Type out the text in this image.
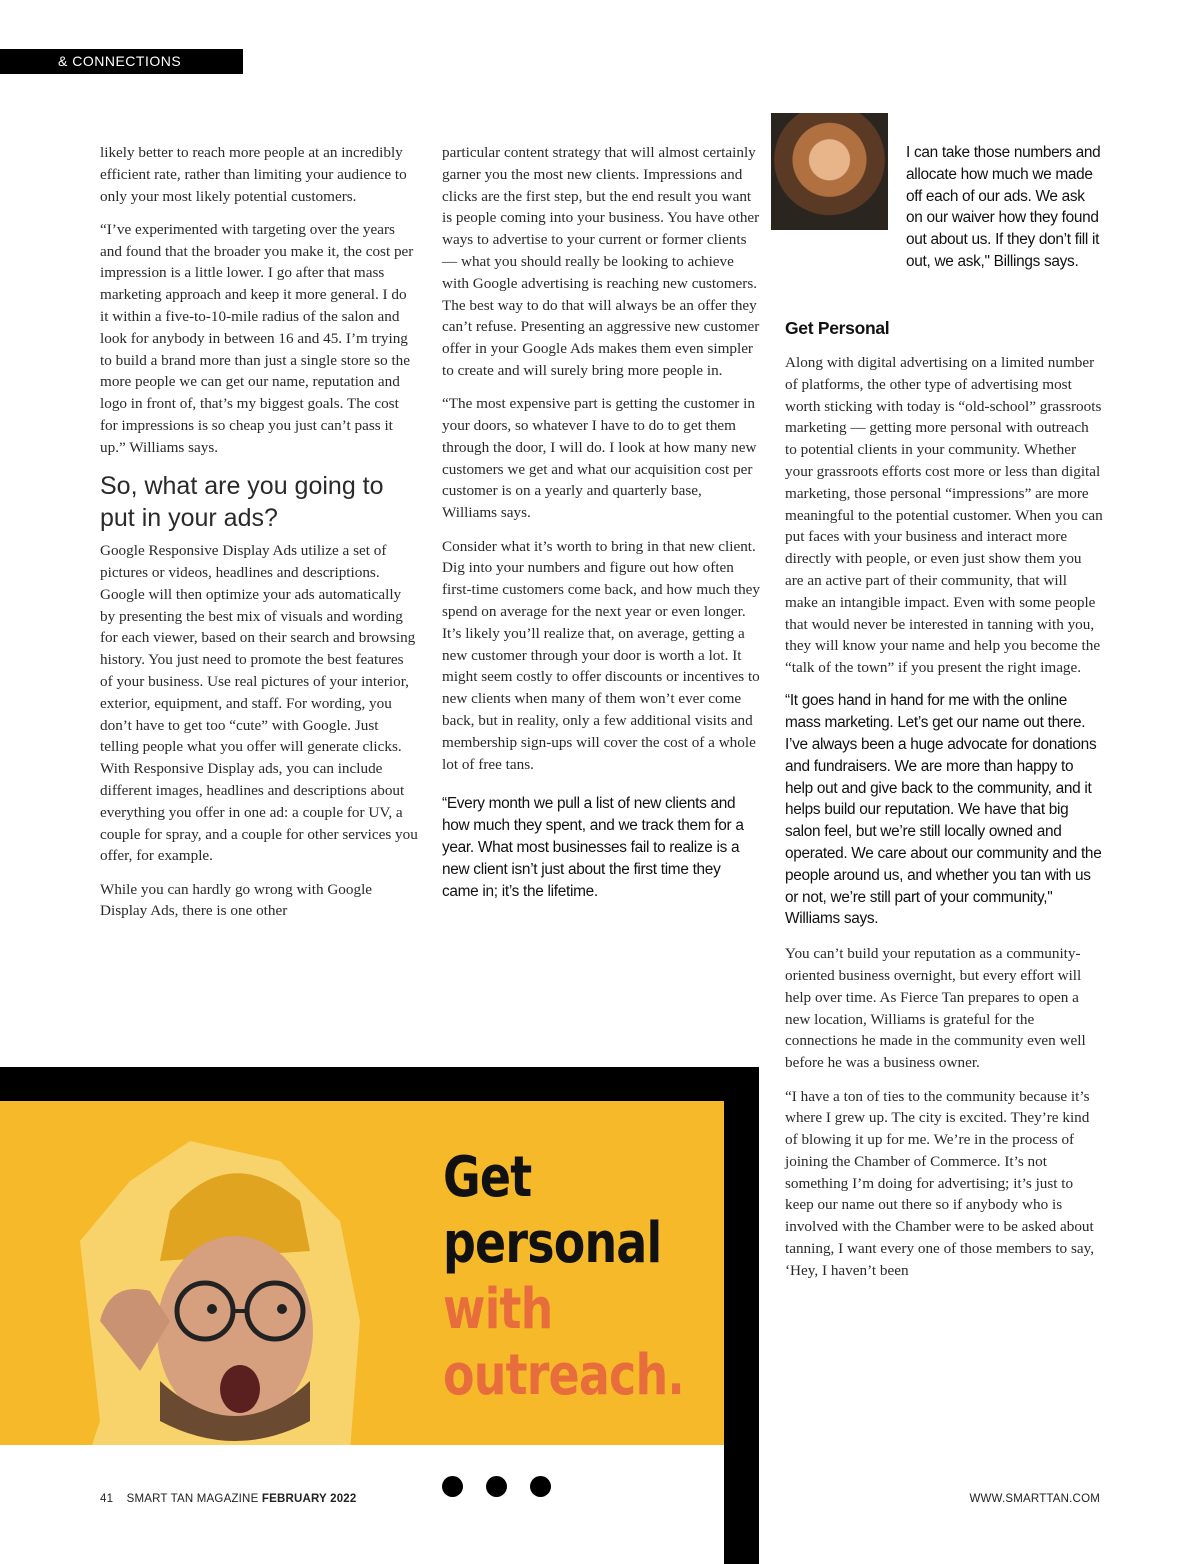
& CONNECTIONS

likely better to reach more people at an incredibly efficient rate, rather than limiting your audience to only your most likely potential customers.

“I’ve experimented with targeting over the years and found that the broader you make it, the cost per impression is a little lower. I go after that mass marketing approach and keep it more general. I do it within a five-to-10-mile radius of the salon and look for anybody in between 16 and 45. I’m trying to build a brand more than just a single store so the more people we can get our name, reputation and logo in front of, that’s my biggest goals. The cost for impressions is so cheap you just can’t pass it up.” Williams says.

So, what are you going to put in your ads?

Google Responsive Display Ads utilize a set of pictures or videos, headlines and descriptions. Google will then optimize your ads automatically by presenting the best mix of visuals and wording for each viewer, based on their search and browsing history. You just need to promote the best features of your business. Use real pictures of your interior, exterior, equipment, and staff. For wording, you don’t have to get too “cute” with Google. Just telling people what you offer will generate clicks. With Responsive Display ads, you can include different images, headlines and descriptions about everything you offer in one ad: a couple for UV, a couple for spray, and a couple for other services you offer, for example.

While you can hardly go wrong with Google Display Ads, there is one other

particular content strategy that will almost certainly garner you the most new clients. Impressions and clicks are the first step, but the end result you want is people coming into your business. You have other ways to advertise to your current or former clients — what you should really be looking to achieve with Google advertising is reaching new customers. The best way to do that will always be an offer they can’t refuse. Presenting an aggressive new customer offer in your Google Ads makes them even simpler to create and will surely bring more people in.

“The most expensive part is getting the customer in your doors, so whatever I have to do to get them through the door, I will do. I look at how many new customers we get and what our acquisition cost per customer is on a yearly and quarterly base, Williams says.

Consider what it’s worth to bring in that new client. Dig into your numbers and figure out how often first-time customers come back, and how much they spend on average for the next year or even longer. It’s likely you’ll realize that, on average, getting a new customer through your door is worth a lot. It might seem costly to offer discounts or incentives to new clients when many of them won’t ever come back, but in reality, only a few additional visits and membership sign-ups will cover the cost of a whole lot of free tans.

“Every month we pull a list of new clients and how much they spent, and we track them for a year. What most businesses fail to realize is a new client isn’t just about the first time they came in; it’s the lifetime.

I can take those numbers and allocate how much we made off each of our ads. We ask on our waiver how they found out about us. If they don’t fill it out, we ask," Billings says.
Get Personal

Along with digital advertising on a limited number of platforms, the other type of advertising most worth sticking with today is “old-school” grassroots marketing — getting more personal with outreach to potential clients in your community. Whether your grassroots efforts cost more or less than digital marketing, those personal “impressions” are more meaningful to the potential customer. When you can put faces with your business and interact more directly with people, or even just show them you are an active part of their community, that will make an intangible impact. Even with some people that would never be interested in tanning with you, they will know your name and help you become the “talk of the town” if you present the right image.

“It goes hand in hand for me with the online mass marketing. Let’s get our name out there. I’ve always been a huge advocate for donations and fundraisers. We are more than happy to help out and give back to the community, and it helps build our reputation. We have that big salon feel, but we’re still locally owned and operated. We care about our community and the people around us, and whether you tan with us or not, we’re still part of your community," Williams says.

You can’t build your reputation as a community-oriented business overnight, but every effort will help over time. As Fierce Tan prepares to open a new location, Williams is grateful for the connections he made in the community even well before he was a business owner.

“I have a ton of ties to the community because it’s where I grew up. The city is excited. They’re kind of blowing it up for me. We’re in the process of joining the Chamber of Commerce. It’s not something I’m doing for advertising; it’s just to keep our name out there so if anybody who is involved with the Chamber were to be asked about tanning, I want every one of those members to say, ‘Hey, I haven’t been

Get
personal
with
outreach.
41 SMART TAN MAGAZINE FEBRUARY 2022	WWW.SMARTTAN.COM
